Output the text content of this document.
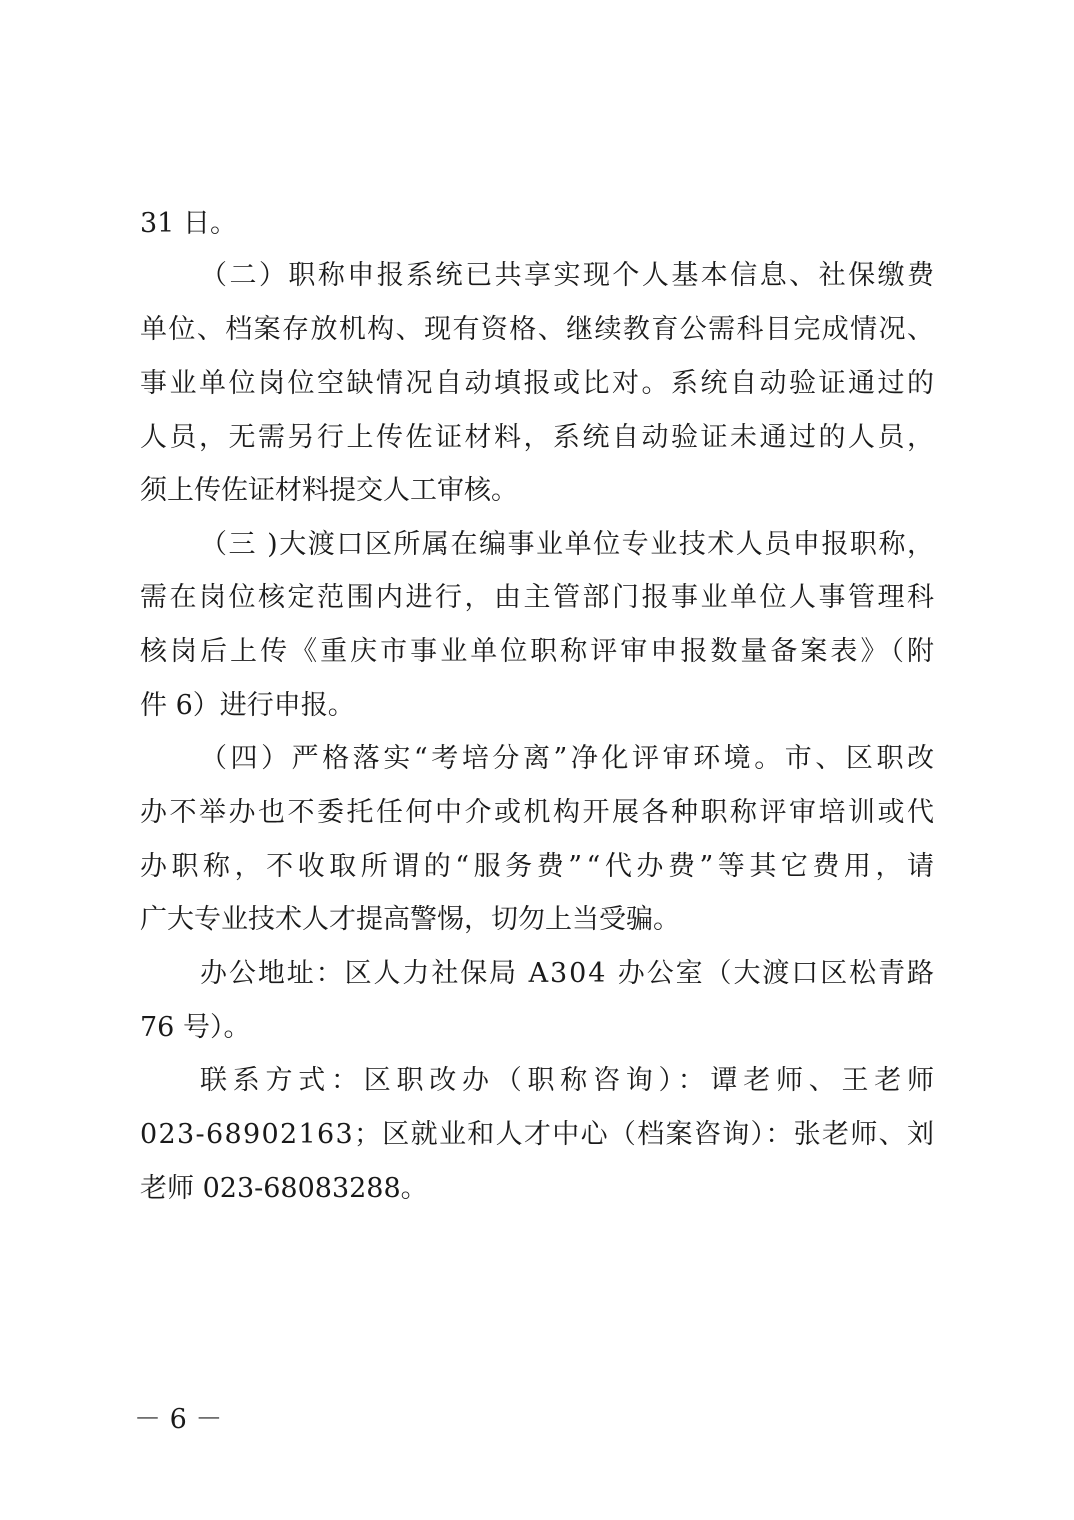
31 日。
（二）职称申报系统已共享实现个人基本信息、社保缴费
单位、档案存放机构、现有资格、继续教育公需科目完成情况、
事业单位岗位空缺情况自动填报或比对。系统自动验证通过的
人员，无需另行上传佐证材料，系统自动验证未通过的人员，
须上传佐证材料提交人工审核。
（三 )大渡口区所属在编事业单位专业技术人员申报职称，
需在岗位核定范围内进行，由主管部门报事业单位人事管理科
核岗后上传《重庆市事业单位职称评审申报数量备案表》（附
件 6）进行申报。
（四）严格落实“考培分离”净化评审环境。市、区职改
办不举办也不委托任何中介或机构开展各种职称评审培训或代
办职称，不收取所谓的“服务费”“代办费”等其它费用，请
广大专业技术人才提高警惕，切勿上当受骗。
办公地址：区人力社保局 A304 办公室（大渡口区松青路
76 号）。
联系方式：区职改办（职称咨询）：谭老师、王老师
023-68902163；区就业和人才中心（档案咨询）：张老师、刘
老师 023-68083288。
－ 6 －
